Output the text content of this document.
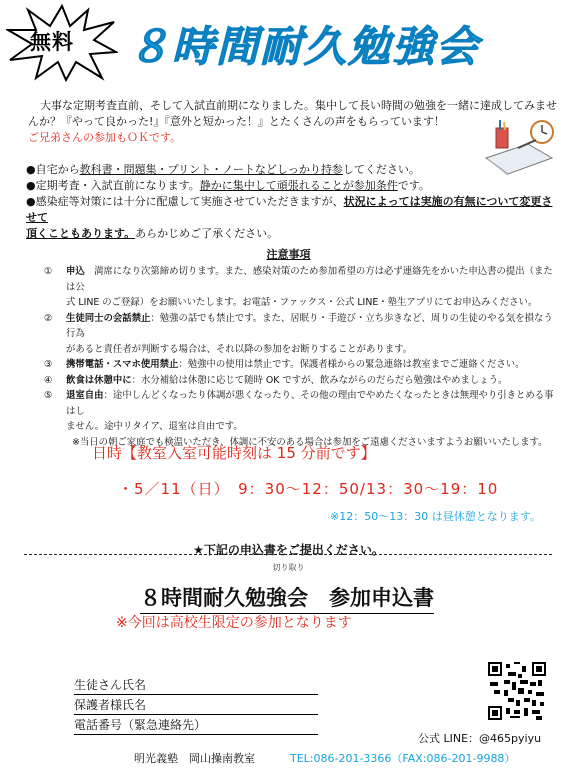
無料 ８時間耐久勉強会
大事な定期考査直前、そして入試直前期になりました。集中して長い時間の勉強を一緒に達成してみませ
んか？『やって良かった!』『意外と短かった！』とたくさんの声をもらっています！
ご兄弟さんの参加もＯＫです。
●自宅から教科書・問題集・プリント・ノートなどしっかり持参してください。
●定期考査・入試直前になります。静かに集中して頑張れることが参加条件です。
●感染症等対策には十分に配慮して実施させていただきますが、状況によっては実施の有無について変更させて
頂くこともあります。あらかじめご了承ください。
注意事項
①	申込　 満席になり次第締め切ります。また、感染対策のため参加希望の方は必ず連絡先をかいた申込書の提出（または公
式 LINE のご登録）をお願いいたします。お電話・ファックス・公式 LINE・塾生アプリにてお申込みください。
②	生徒同士の会話禁止：勉強の話でも禁止です。また、居眠り・手遊び・立ち歩きなど、周りの生徒のやる気を損なう行為
があると責任者が判断する場合は、それ以降の参加をお断りすることがあります。
③	携帯電話・スマホ使用禁止：勉強中の使用は禁止です。保護者様からの緊急連絡は教室までご連絡ください。
④	飲食は休憩中に：水分補給は休憩に応じて随時 OK ですが、飲みながらのだらだら勉強はやめましょう。
⑤	退室自由：途中しんどくなったり体調が悪くなったり、その他の理由でやめたくなったときは無理やり引きとめる事はし
ません。途中リタイア、退室は自由です。
※当日の朝ご家庭でも検温いただき、体調に不安のある場合は参加をご遠慮くださいますようお願いいたします。
日時【教室入室可能時刻は 15 分前です】
・5／11（日）　9：30〜12：50/13：30〜19：10
※12：50〜13：30 は昼休憩となります。
★下記の申込書をご提出ください。
切り取り
８時間耐久勉強会　参加申込書
※今回は高校生限定の参加となります
生徒さん氏名
保護者様氏名
電話番号（緊急連絡先）
公式 LINE：@465pyiyu
明光義塾　岡山操南教室	TEL:086-201-3366（FAX:086-201-9988）
